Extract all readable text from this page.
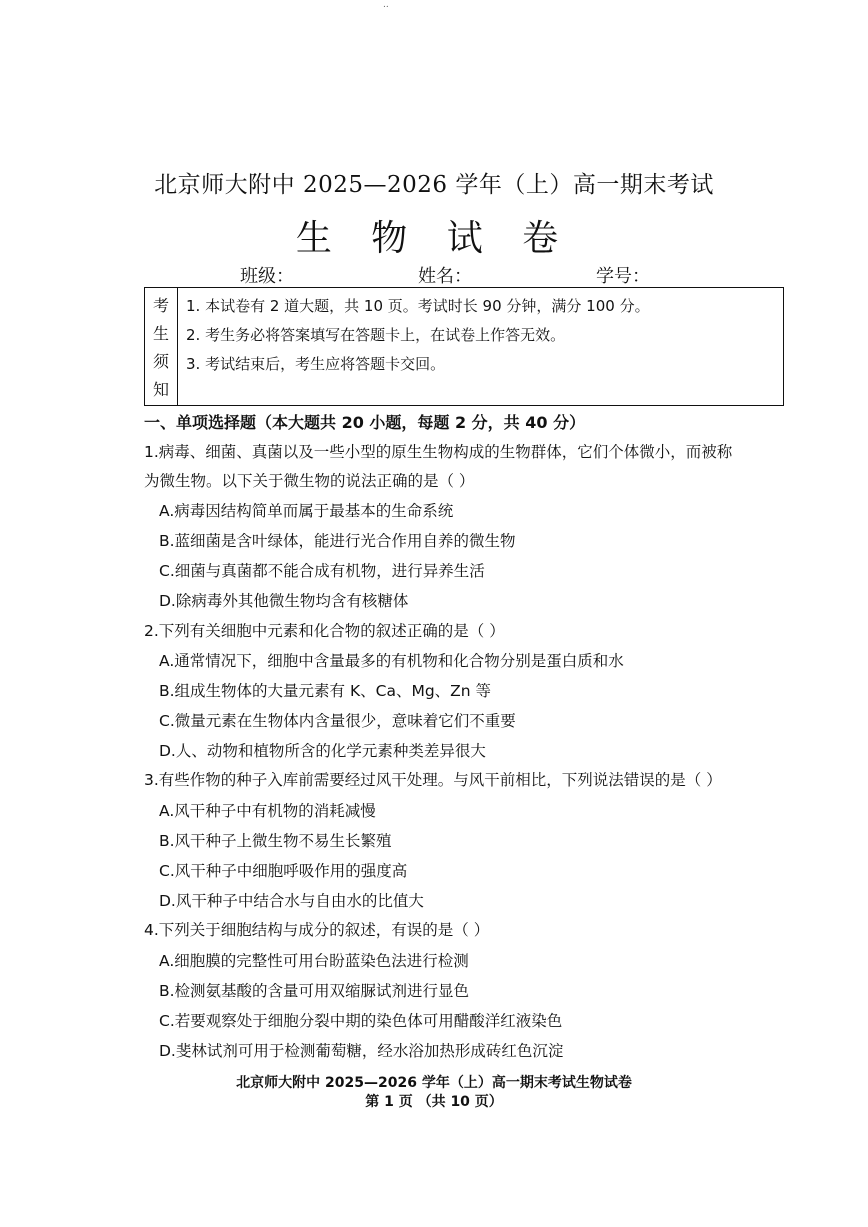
..
北京师大附中 2025—2026 学年（上）高一期末考试
生 物 试 卷
班级：	姓名：	学号：
考
生
须
知
1. 本试卷有 2 道大题，共 10 页。考试时长 90 分钟，满分 100 分。
2. 考生务必将答案填写在答题卡上，在试卷上作答无效。
3. 考试结束后，考生应将答题卡交回。
一、单项选择题（本大题共 20 小题，每题 2 分，共 40 分）
1.病毒、细菌、真菌以及一些小型的原生生物构成的生物群体，它们个体微小，而被称
为微生物。以下关于微生物的说法正确的是（ ）
A.病毒因结构简单而属于最基本的生命系统
B.蓝细菌是含叶绿体，能进行光合作用自养的微生物
C.细菌与真菌都不能合成有机物，进行异养生活
D.除病毒外其他微生物均含有核糖体
2.下列有关细胞中元素和化合物的叙述正确的是（ ）
A.通常情况下，细胞中含量最多的有机物和化合物分别是蛋白质和水
B.组成生物体的大量元素有 K、Ca、Mg、Zn 等
C.微量元素在生物体内含量很少，意味着它们不重要
D.人、动物和植物所含的化学元素种类差异很大
3.有些作物的种子入库前需要经过风干处理。与风干前相比，下列说法错误的是（ ）
A.风干种子中有机物的消耗减慢
B.风干种子上微生物不易生长繁殖
C.风干种子中细胞呼吸作用的强度高
D.风干种子中结合水与自由水的比值大
4.下列关于细胞结构与成分的叙述，有误的是（ ）
A.细胞膜的完整性可用台盼蓝染色法进行检测
B.检测氨基酸的含量可用双缩脲试剂进行显色
C.若要观察处于细胞分裂中期的染色体可用醋酸洋红液染色
D.斐林试剂可用于检测葡萄糖，经水浴加热形成砖红色沉淀
北京师大附中 2025—2026 学年（上）高一期末考试生物试卷
第 1 页 （共 10 页）
